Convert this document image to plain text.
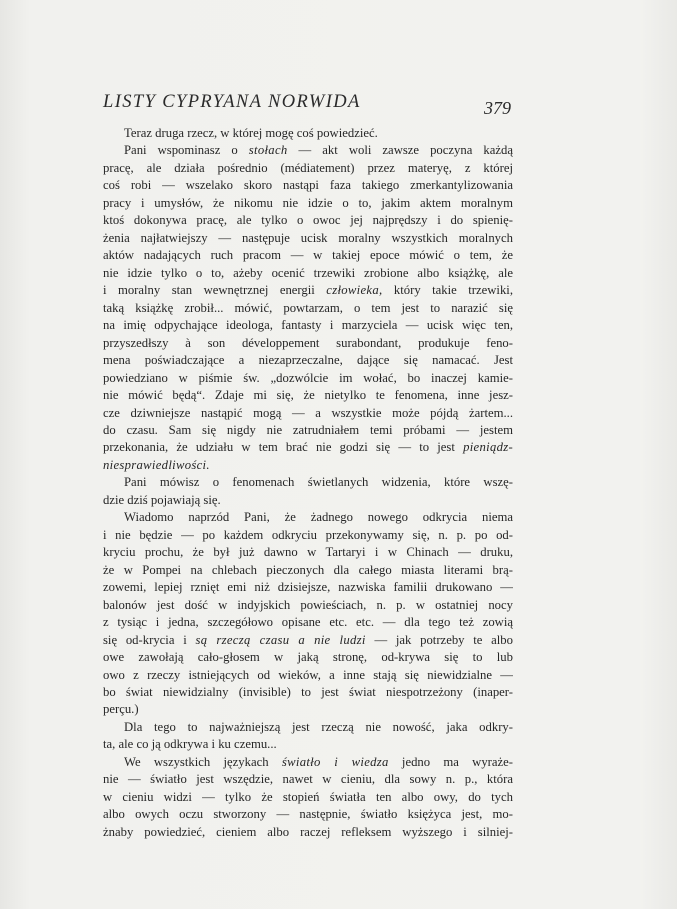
LISTY CYPRYANA NORWIDA	379
Teraz druga rzecz, w której mogę coś powiedzieć.
Pani wspominasz o stołach — akt woli zawsze poczyna każdą
pracę, ale działa pośrednio (médiatement) przez materyę, z której
coś robi — wszelako skoro nastąpi faza takiego zmerkantylizowania
pracy i umysłów, że nikomu nie idzie o to, jakim aktem moralnym
ktoś dokonywa pracę, ale tylko o owoc jej najprędszy i do spienię-
żenia najłatwiejszy — następuje ucisk moralny wszystkich moralnych
aktów nadających ruch pracom — w takiej epoce mówić o tem, że
nie idzie tylko o to, ażeby ocenić trzewiki zrobione albo książkę, ale
i moralny stan wewnętrznej energii człowieka, który takie trzewiki,
taką książkę zrobił... mówić, powtarzam, o tem jest to narazić się
na imię odpychające ideologa, fantasty i marzyciela — ucisk więc ten,
przyszedłszy à son développement surabondant, produkuje feno-
mena poświadczające a niezaprzeczalne, dające się namacać. Jest
powiedziano w piśmie św. „dozwólcie im wołać, bo inaczej kamie-
nie mówić będą“. Zdaje mi się, że nietylko te fenomena, inne jesz-
cze dziwniejsze nastąpić mogą — a wszystkie może pójdą żartem...
do czasu. Sam się nigdy nie zatrudniałem temi próbami — jestem
przekonania, że udziału w tem brać nie godzi się — to jest pieniądz-
niesprawiedliwości.
Pani mówisz o fenomenach świetlanych widzenia, które wszę-
dzie dziś pojawiają się.
Wiadomo naprzód Pani, że żadnego nowego odkrycia niema
i nie będzie — po każdem odkryciu przekonywamy się, n. p. po od-
kryciu prochu, że był już dawno w Tartaryi i w Chinach — druku,
że w Pompei na chlebach pieczonych dla całego miasta literami brą-
zowemi, lepiej rznięt emi niż dzisiejsze, nazwiska familii drukowano —
balonów jest dość w indyjskich powieściach, n. p. w ostatniej nocy
z tysiąc i jedna, szczegółowo opisane etc. etc. — dla tego też zowią
się od-krycia i są rzeczą czasu a nie ludzi — jak potrzeby te albo
owe zawołają cało-głosem w jaką stronę, od-krywa się to lub
owo z rzeczy istniejących od wieków, a inne stają się niewidzialne —
bo świat niewidzialny (invisible) to jest świat niespotrzeżony (inaper-
perçu.)
Dla tego to najważniejszą jest rzeczą nie nowość, jaka odkry-
ta, ale co ją odkrywa i ku czemu...
We wszystkich językach światło i wiedza jedno ma wyraże-
nie — światło jest wszędzie, nawet w cieniu, dla sowy n. p., która
w cieniu widzi — tylko że stopień światła ten albo owy, do tych
albo owych oczu stworzony — następnie, światło księżyca jest, mo-
żnaby powiedzieć, cieniem albo raczej refleksem wyższego i silniej-
